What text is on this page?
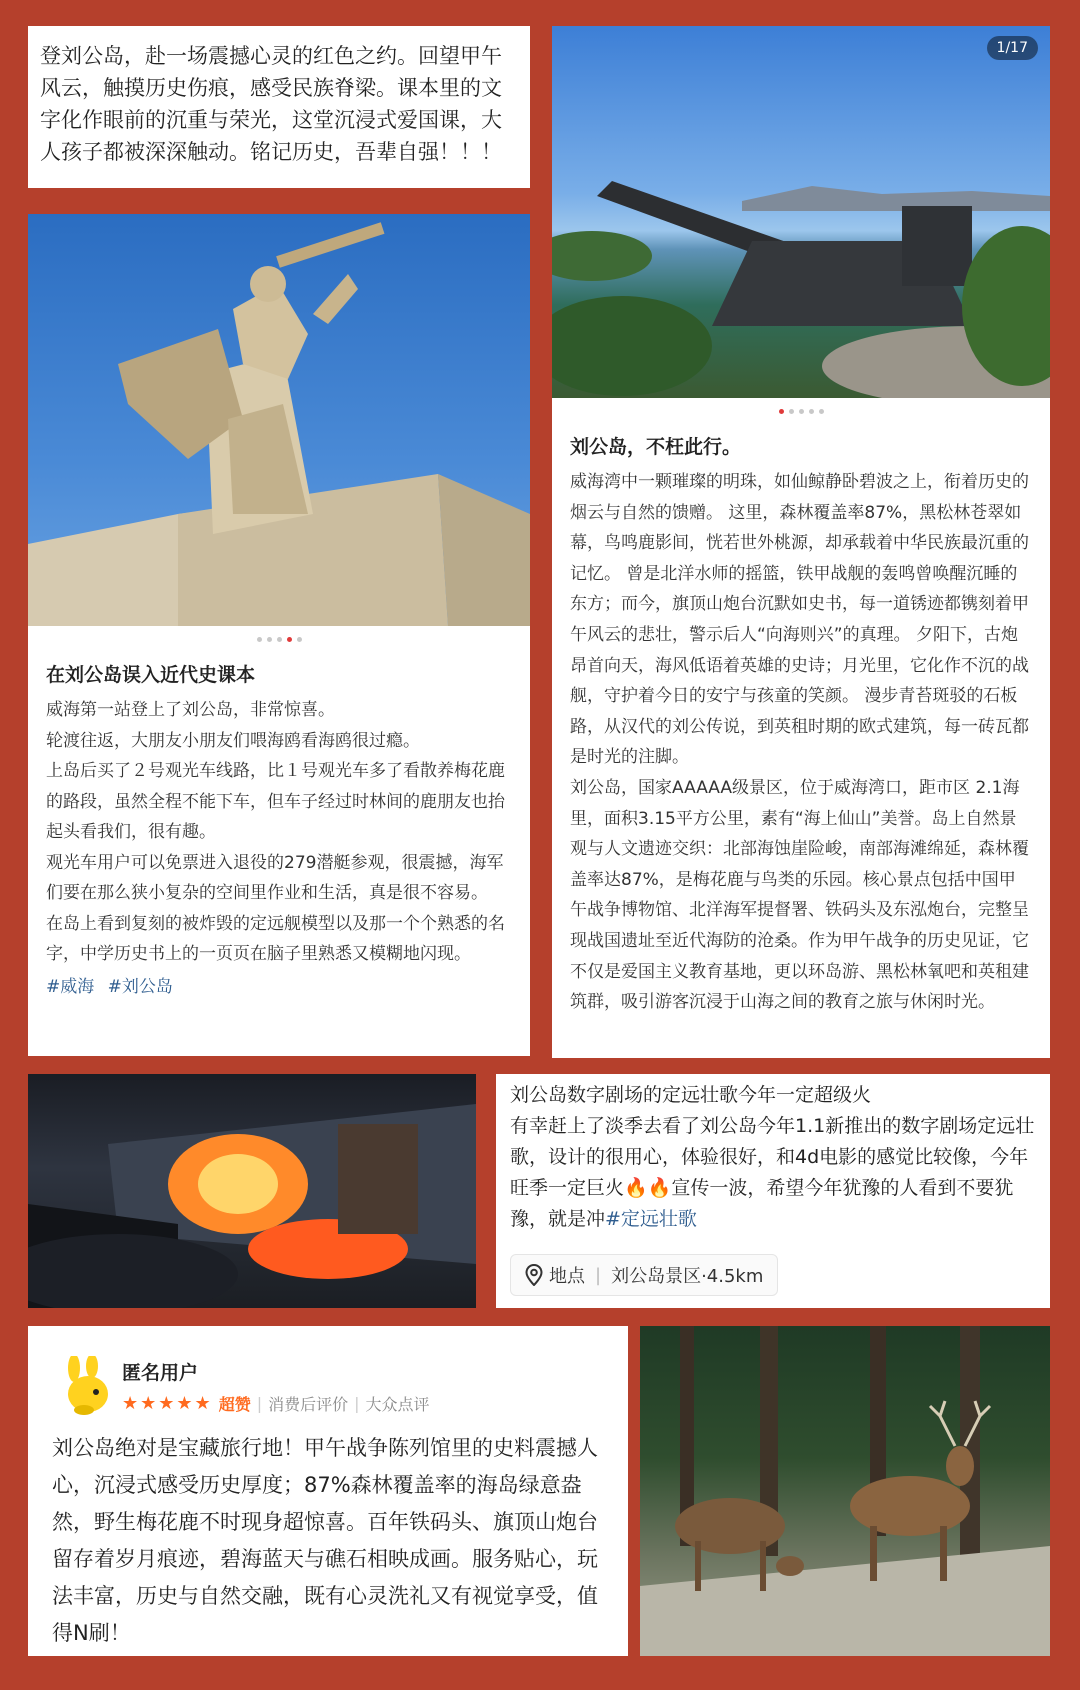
登刘公岛，赴一场震撼心灵的红色之约。回望甲午风云，触摸历史伤痕，感受民族脊梁。课本里的文字化作眼前的沉重与荣光，这堂沉浸式爱国课，大人孩子都被深深触动。铭记历史，吾辈自强！！！

在刘公岛误入近代史课本

威海第一站登上了刘公岛，非常惊喜。

轮渡往返，大朋友小朋友们喂海鸥看海鸥很过瘾。

上岛后买了２号观光车线路，比１号观光车多了看散养梅花鹿的路段，虽然全程不能下车，但车子经过时林间的鹿朋友也抬起头看我们，很有趣。

观光车用户可以免票进入退役的279潜艇参观，很震撼，海军们要在那么狭小复杂的空间里作业和生活，真是很不容易。

在岛上看到复刻的被炸毁的定远舰模型以及那一个个熟悉的名字，中学历史书上的一页页在脑子里熟悉又模糊地闪现。

#威海 #刘公岛
1/17
刘公岛，不枉此行。

威海湾中一颗璀璨的明珠，如仙鲸静卧碧波之上，衔着历史的烟云与自然的馈赠。 这里，森林覆盖率87%，黑松林苍翠如幕，鸟鸣鹿影间，恍若世外桃源，却承载着中华民族最沉重的记忆。 曾是北洋水师的摇篮，铁甲战舰的轰鸣曾唤醒沉睡的东方；而今，旗顶山炮台沉默如史书，每一道锈迹都镌刻着甲午风云的悲壮，警示后人“向海则兴”的真理。 夕阳下，古炮昂首向天，海风低语着英雄的史诗；月光里，它化作不沉的战舰，守护着今日的安宁与孩童的笑颜。 漫步青苔斑驳的石板路，从汉代的刘公传说，到英租时期的欧式建筑，每一砖瓦都是时光的注脚。

刘公岛，国家AAAAA级景区，位于威海湾口，距市区 2.1海里，面积3.15平方公里，素有“海上仙山”美誉。岛上自然景观与人文遗迹交织：北部海蚀崖险峻，南部海滩绵延，森林覆盖率达87%，是梅花鹿与鸟类的乐园。核心景点包括中国甲午战争博物馆、北洋海军提督署、铁码头及东泓炮台，完整呈现战国遗址至近代海防的沧桑。作为甲午战争的历史见证，它不仅是爱国主义教育基地，更以环岛游、黑松林氧吧和英租建筑群，吸引游客沉浸于山海之间的教育之旅与休闲时光。

刘公岛数字剧场的定远壮歌今年一定超级火

有幸赶上了淡季去看了刘公岛今年1.1新推出的数字剧场定远壮歌，设计的很用心，体验很好，和4d电影的感觉比较像，今年旺季一定巨火🔥🔥宣传一波，希望今年犹豫的人看到不要犹豫，就是冲#定远壮歌

地点 | 刘公岛景区·4.5km
匿名用户
★★★★★ 超赞 | 消费后评价 | 大众点评

刘公岛绝对是宝藏旅行地！甲午战争陈列馆里的史料震撼人心，沉浸式感受历史厚度；87%森林覆盖率的海岛绿意盎然，野生梅花鹿不时现身超惊喜。百年铁码头、旗顶山炮台留存着岁月痕迹，碧海蓝天与礁石相映成画。服务贴心，玩法丰富，历史与自然交融，既有心灵洗礼又有视觉享受，值得N刷！
